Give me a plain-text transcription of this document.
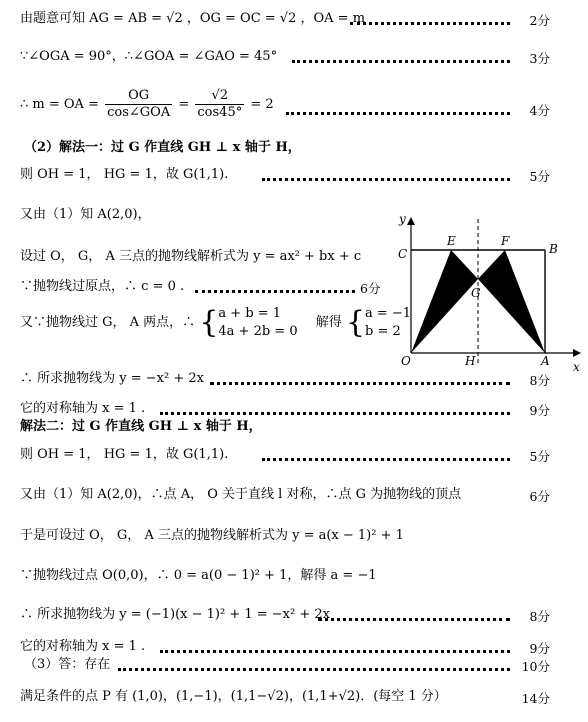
由题意可知 AG = AB = √2 ，OG = OC = √2 ，OA = m	2分
∵∠OGA = 90°，∴∠GOA = ∠GAO = 45°	3分
∴ m = OA = $\frac{OG}{\text{cos∠GOA}} = \frac{√2}{\cos 45^\circ} = 2$	4分
（2）解法一：过 G 作直线 GH ⊥ x 轴于 H，
则 OH = 1， HG = 1，故 G(1,1).	5分
又由（1）知 A(2,0)，
设过 O， G， A 三点的抛物线解析式为 y = ax² + bx + c
∵抛物线过原点，∴ c = 0 .	6分
又∵抛物线过 G， A 两点，∴ { a + b = 1
4a + 2b = 0
解得 { a = −1
b = 2
∴ 所求抛物线为 y = −x² + 2x	8分
它的对称轴为 x = 1 .	9分
解法二：过 G 作直线 GH ⊥ x 轴于 H，
则 OH = 1， HG = 1，故 G(1,1).	5分
又由（1）知 A(2,0)，∴点 A， O 关于直线 l 对称，∴点 G 为抛物线的顶点	6分
于是可设过 O， G， A 三点的抛物线解析式为 y = a(x − 1)² + 1
∵抛物线过点 O(0,0)，∴ 0 = a(0 − 1)² + 1，解得 a = −1
∴ 所求抛物线为 y = (−1)(x − 1)² + 1 = −x² + 2x	8分
它的对称轴为 x = 1 .	9分
（3）答：存在	10分
满足条件的点 P 有 (1,0)，(1,−1)，(1,1−√2)，(1,1+√2)．(每空 1 分）	14分
y
x
C	B
E	F
G
O	H	A
